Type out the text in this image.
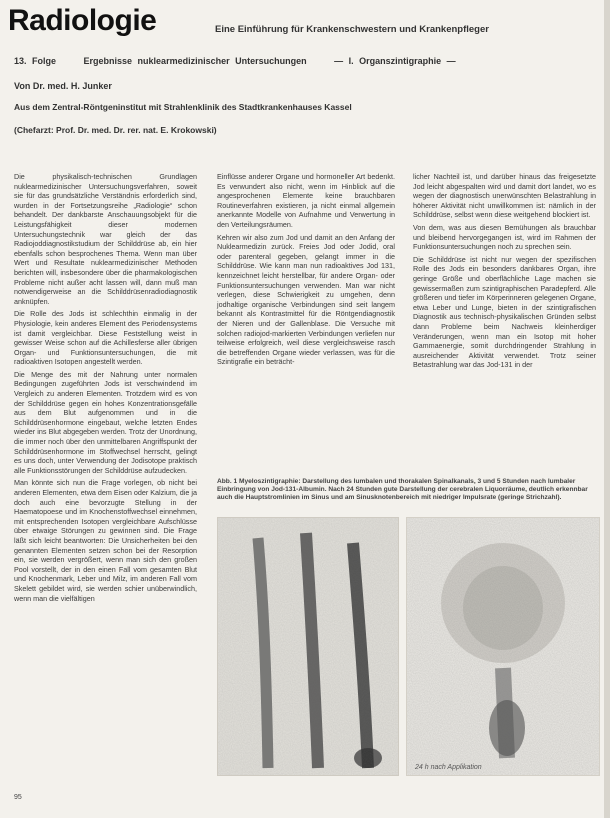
Radiologie	Eine Einführung für Krankenschwestern und Krankenpfleger
13. Folge	Ergebnisse nuklearmedizinischer Untersuchungen	— I. Organszintigraphie —
Von Dr. med. H. Junker
Aus dem Zentral-Röntgeninstitut mit Strahlenklinik des Stadtkrankenhauses Kassel
(Chefarzt: Prof. Dr. med. Dr. rer. nat. E. Krokowski)

Die physikalisch-technischen Grundlagen nuklearmedizinischer Untersuchungsverfahren, soweit sie für das grundsätzliche Verständnis erforderlich sind, wurden in der Fortsetzungsreihe „Radiologie“ schon behandelt. Der dankbarste Anschauungsobjekt für die Leistungsfähigkeit dieser modernen Untersuchungstechnik war gleich der das Radiojoddiagnostikstudium der Schilddrüse ab, ein hier ebenfalls schon besprochenes Thema. Wenn man über Wert und Resultate nuklearmedizinischer Methoden berichten will, insbesondere über die pharmakologischen Probleme nicht außer acht lassen will, dann muß man notwendigerweise an die Schilddrüsenradiodiagnostik anknüpfen.

Die Rolle des Jods ist schlechthin einmalig in der Physiologie, kein anderes Element des Periodensystems ist damit vergleichbar. Diese Feststellung weist in gewisser Weise schon auf die Achillesferse aller übrigen Organ- und Funktionsuntersuchungen, die mit radioaktiven Isotopen angestellt werden.

Die Menge des mit der Nahrung unter normalen Bedingungen zugeführten Jods ist verschwindend im Vergleich zu anderen Elementen. Trotzdem wird es von der Schilddrüse gegen ein hohes Konzentrationsgefälle aus dem Blut aufgenommen und in die Schilddrüsenhormone eingebaut, welche letzten Endes wieder ins Blut abgegeben werden. Trotz der Unordnung, die immer noch über den unmittelbaren Angriffspunkt der Schilddrüsenhormone im Stoffwechsel herrscht, gelingt es uns doch, unter Verwendung der Jodisotope praktisch alle Funktionsstörungen der Schilddrüse aufzudecken.

Man könnte sich nun die Frage vorlegen, ob nicht bei anderen Elementen, etwa dem Eisen oder Kalzium, die ja doch auch eine bevorzugte Stellung in der Haematopoese und im Knochenstoffwechsel einnehmen, mit entsprechenden Isotopen vergleichbare Aufschlüsse über etwaige Störungen zu gewinnen sind. Die Frage läßt sich leicht beantworten: Die Unsicherheiten bei den genannten Elementen setzen schon bei der Resorption ein, sie werden vergrößert, wenn man sich den großen Pool vorstellt, der in den einen Fall vom gesamten Blut und Knochenmark, Leber und Milz, im anderen Fall vom Skelett gebildet wird, sie werden schier unüberwindlich, wenn man die vielfältigen

Einflüsse anderer Organe und hormoneller Art bedenkt. Es verwundert also nicht, wenn im Hinblick auf die angesprochenen Elemente keine brauchbaren Routineverfahren existieren, ja nicht einmal allgemein anerkannte Modelle von Aufnahme und Verwertung in den Verteilungsräumen.

Kehren wir also zum Jod und damit an den Anfang der Nuklearmedizin zurück. Freies Jod oder Jodid, oral oder parenteral gegeben, gelangt immer in die Schilddrüse. Wie kann man nun radioaktives Jod 131, kennzeichnet leicht herstellbar, für andere Organ- oder Funktionsuntersuchungen verwenden. Man war nicht verlegen, diese Schwierigkeit zu umgehen, denn jodhaltige organische Verbindungen sind seit langem bekannt als Kontrastmittel für die Röntgendiagnostik der Nieren und der Gallenblase. Die Versuche mit solchen radiojod-markierten Verbindungen verliefen nur teilweise erfolgreich, weil diese vergleichsweise rasch die betreffenden Organe wieder verlassen, was für die Szintigrafie ein beträcht-

licher Nachteil ist, und darüber hinaus das freigesetzte Jod leicht abgespalten wird und damit dort landet, wo es wegen der diagnostisch unerwünschten Belastrahlung in höherer Aktivität nicht unwillkommen ist: nämlich in der Schilddrüse, selbst wenn diese weitgehend blockiert ist.

Von dem, was aus diesen Bemühungen als brauchbar und bleibend hervorgegangen ist, wird im Rahmen der Funktionsuntersuchungen noch zu sprechen sein.

Die Schilddrüse ist nicht nur wegen der spezifischen Rolle des Jods ein besonders dankbares Organ, ihre geringe Größe und oberflächliche Lage machen sie gewissermaßen zum szintigraphischen Paradepferd. Alle größeren und tiefer im Körperinneren gelegenen Organe, etwa Leber und Lunge, bieten in der szintigrafischen Diagnostik aus technisch-physikalischen Gründen selbst dann Probleme beim Nachweis kleinherdiger Veränderungen, wenn man ein Isotop mit hoher Gammaenergie, somit durchdringender Strahlung in ausreichender Aktivität verwendet. Trotz seiner Betastrahlung war das Jod-131 in der

Abb. 1 Myeloszintigraphie: Darstellung des lumbalen und thorakalen Spinalkanals, 3 und 5 Stunden nach lumbaler Einbringung von Jod-131-Albumin. Nach 24 Stunden gute Darstellung der cerebralen Liquorräume, deutlich erkennbar auch die Hauptstromlinien im Sinus und am Sinusknotenbereich mit niedriger Impulsrate (geringe Strichzahl).
24 h nach Applikation
95
